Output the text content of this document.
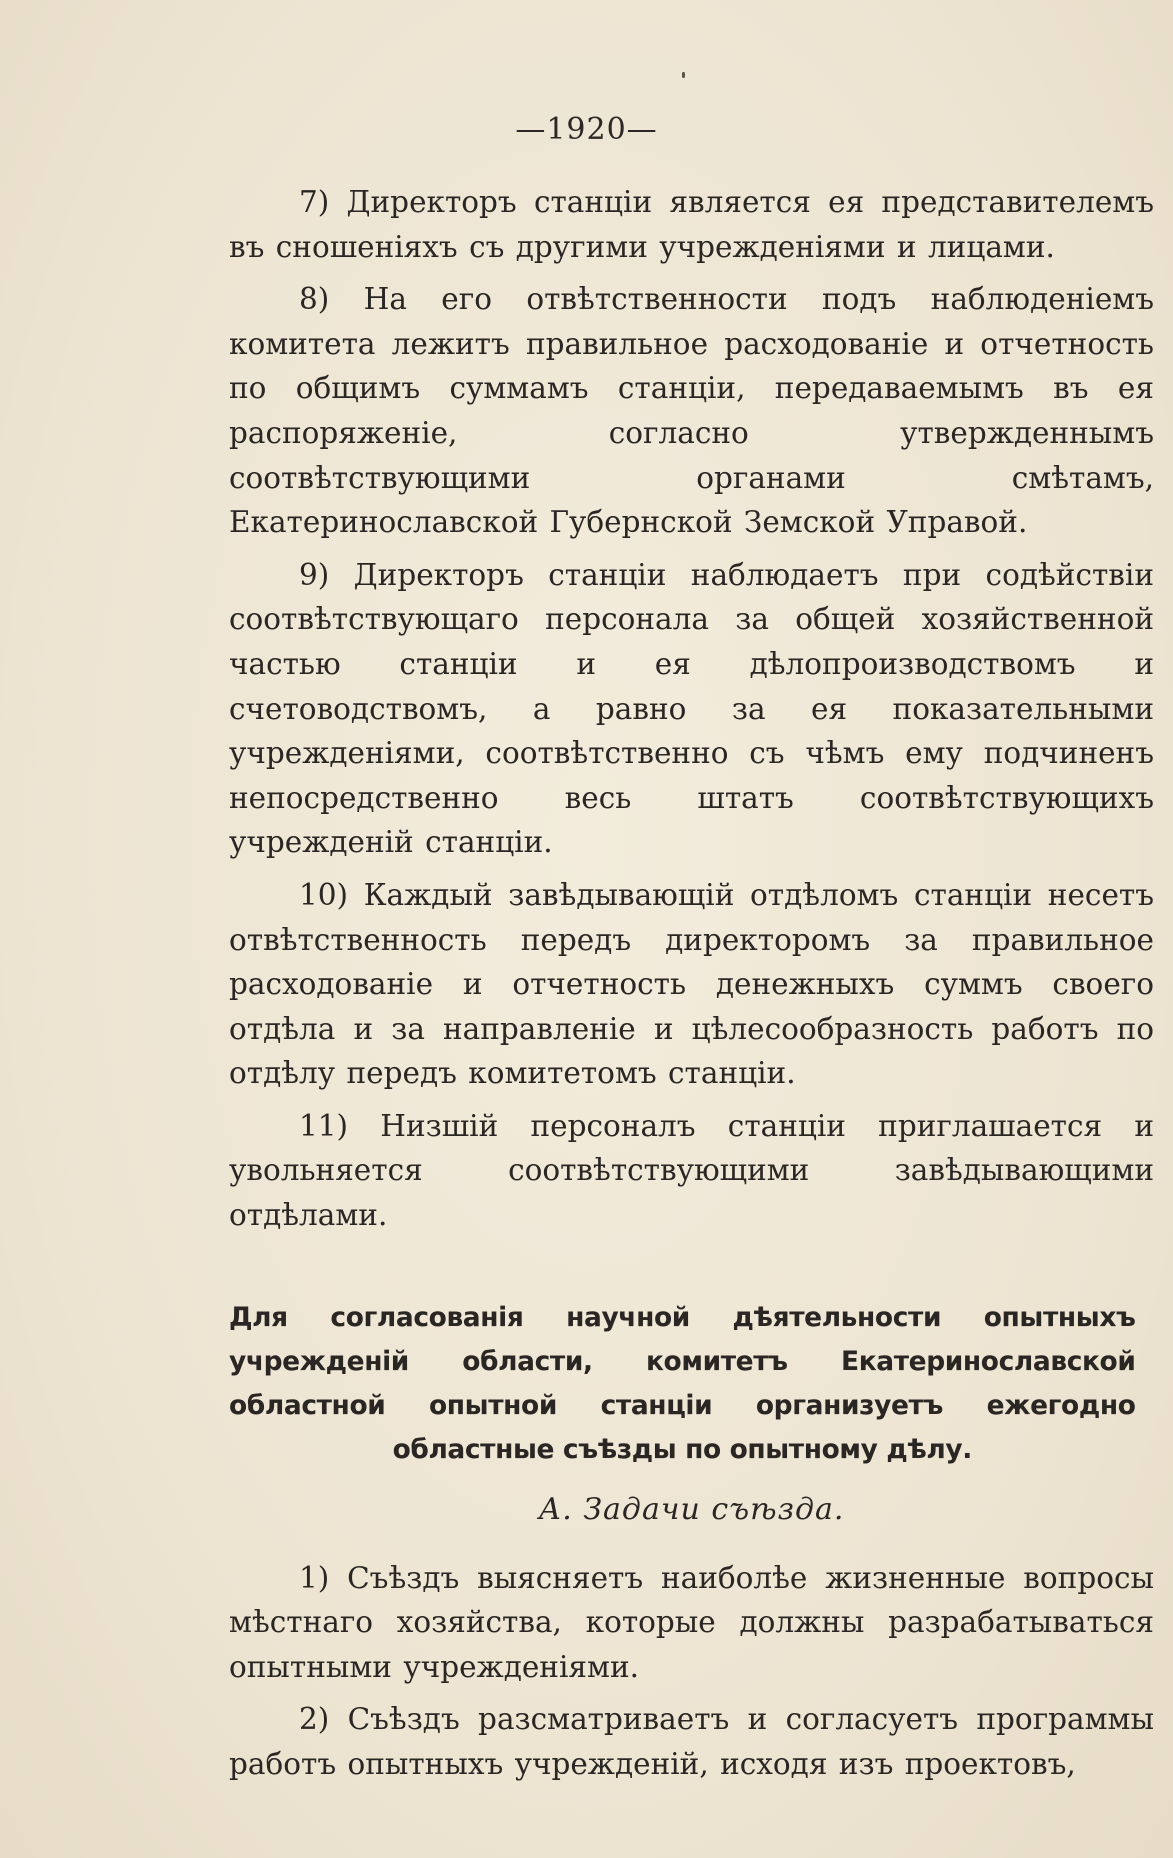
—1920—

7) Директоръ станціи является ея представителемъ въ сношеніяхъ съ другими учрежденіями и лицами.

8) На его отвѣтственности подъ наблюденіемъ комитета лежитъ правильное расходованіе и отчетность по общимъ суммамъ станціи, передаваемымъ въ ея распоряженіе, согласно утвержденнымъ соотвѣтствующими органами смѣтамъ, Екатеринославской Губернской Земской Управой.

9) Директоръ станціи наблюдаетъ при содѣйствіи соотвѣтствующаго персонала за общей хозяйственной частью станціи и ея дѣлопроизводствомъ и счетоводствомъ, а равно за ея показательными учрежденіями, соотвѣтственно съ чѣмъ ему подчиненъ непосредственно весь штатъ соотвѣтствующихъ учрежденій станціи.

10) Каждый завѣдывающій отдѣломъ станціи несетъ отвѣтственность передъ директоромъ за правильное расходованіе и отчетность денежныхъ суммъ своего отдѣла и за направленіе и цѣлесообразность работъ по отдѣлу передъ комитетомъ станціи.

11) Низшій персоналъ станціи приглашается и увольняется соотвѣтствующими завѣдывающими отдѣлами.

Для согласованія научной дѣятельности опытныхъ учрежденій области, комитетъ Екатеринославской областной опытной станціи организуетъ ежегодно областные съѣзды по опытному дѣлу.

А. Задачи съѣзда.

1) Съѣздъ выясняетъ наиболѣе жизненные вопросы мѣстнаго хозяйства, которые должны разрабатываться опытными учрежденіями.

2) Съѣздъ разсматриваетъ и согласуетъ программы работъ опытныхъ учрежденій, исходя изъ проектовъ,
